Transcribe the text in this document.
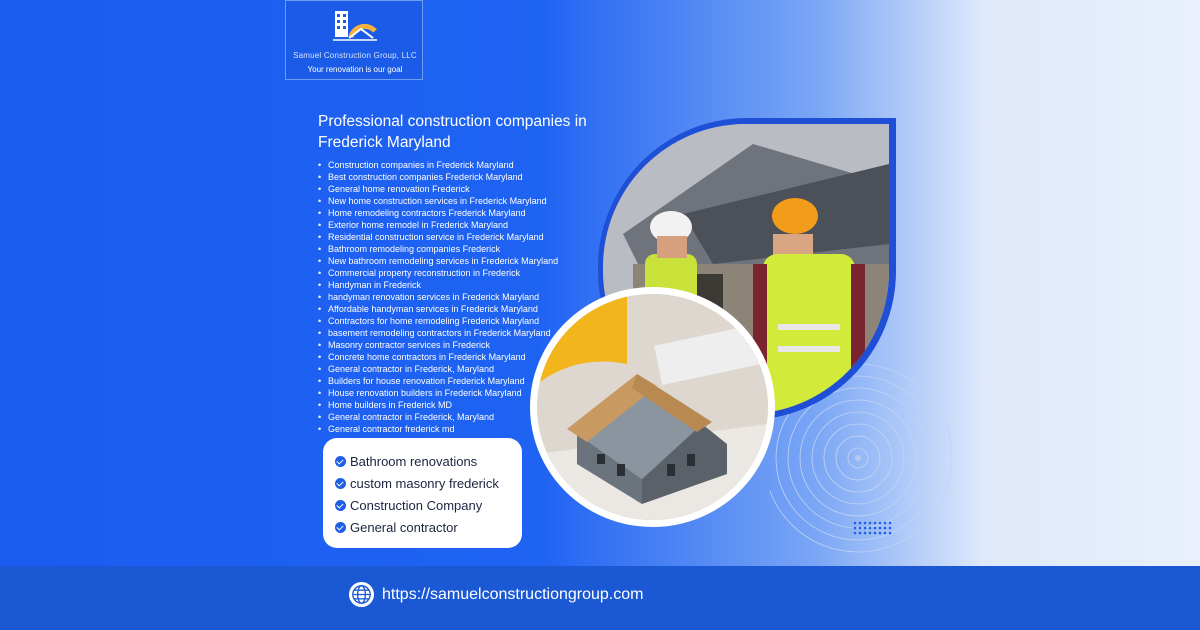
Samuel Construction Group, LLC
Your renovation is our goal
Professional construction companies in Frederick Maryland
• Construction companies in Frederick Maryland
• Best construction companies Frederick Maryland
• General home renovation Frederick
• New home construction services in Frederick Maryland
• Home remodeling contractors Frederick Maryland
• Exterior home remodel in Frederick Maryland
• Residential construction service in Frederick Maryland
• Bathroom remodeling companies Frederick
• New bathroom remodeling services in Frederick Maryland
• Commercial property reconstruction in Frederick
• Handyman in Frederick
• handyman renovation services in Frederick Maryland
• Affordable handyman services in Frederick Maryland
• Contractors for home remodeling Frederick Maryland
• basement remodeling contractors in Frederick Maryland
• Masonry contractor services in Frederick
• Concrete home contractors in Frederick Maryland
• General contractor in Frederick, Maryland
• Builders for house renovation Frederick Maryland
• House renovation builders in Frederick Maryland
• Home builders in Frederick MD
• General contractor in Frederick, Maryland
• General contractor frederick md
Bathroom renovations
custom masonry frederick
Construction Company
General contractor
https://samuelconstructiongroup.com
